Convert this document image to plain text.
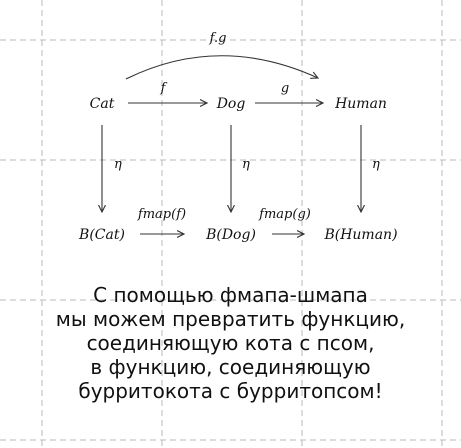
f.g
Cat	Dog	Human
f	g
η	η	η
B(Cat)	B(Dog)	B(Human)
fmap(f)	fmap(g)
С помощью фмапа-шмапа
мы можем превратить функцию,
соединяющую кота с псом,
в функцию, соединяющую
бурритокота с бурритопсом!
